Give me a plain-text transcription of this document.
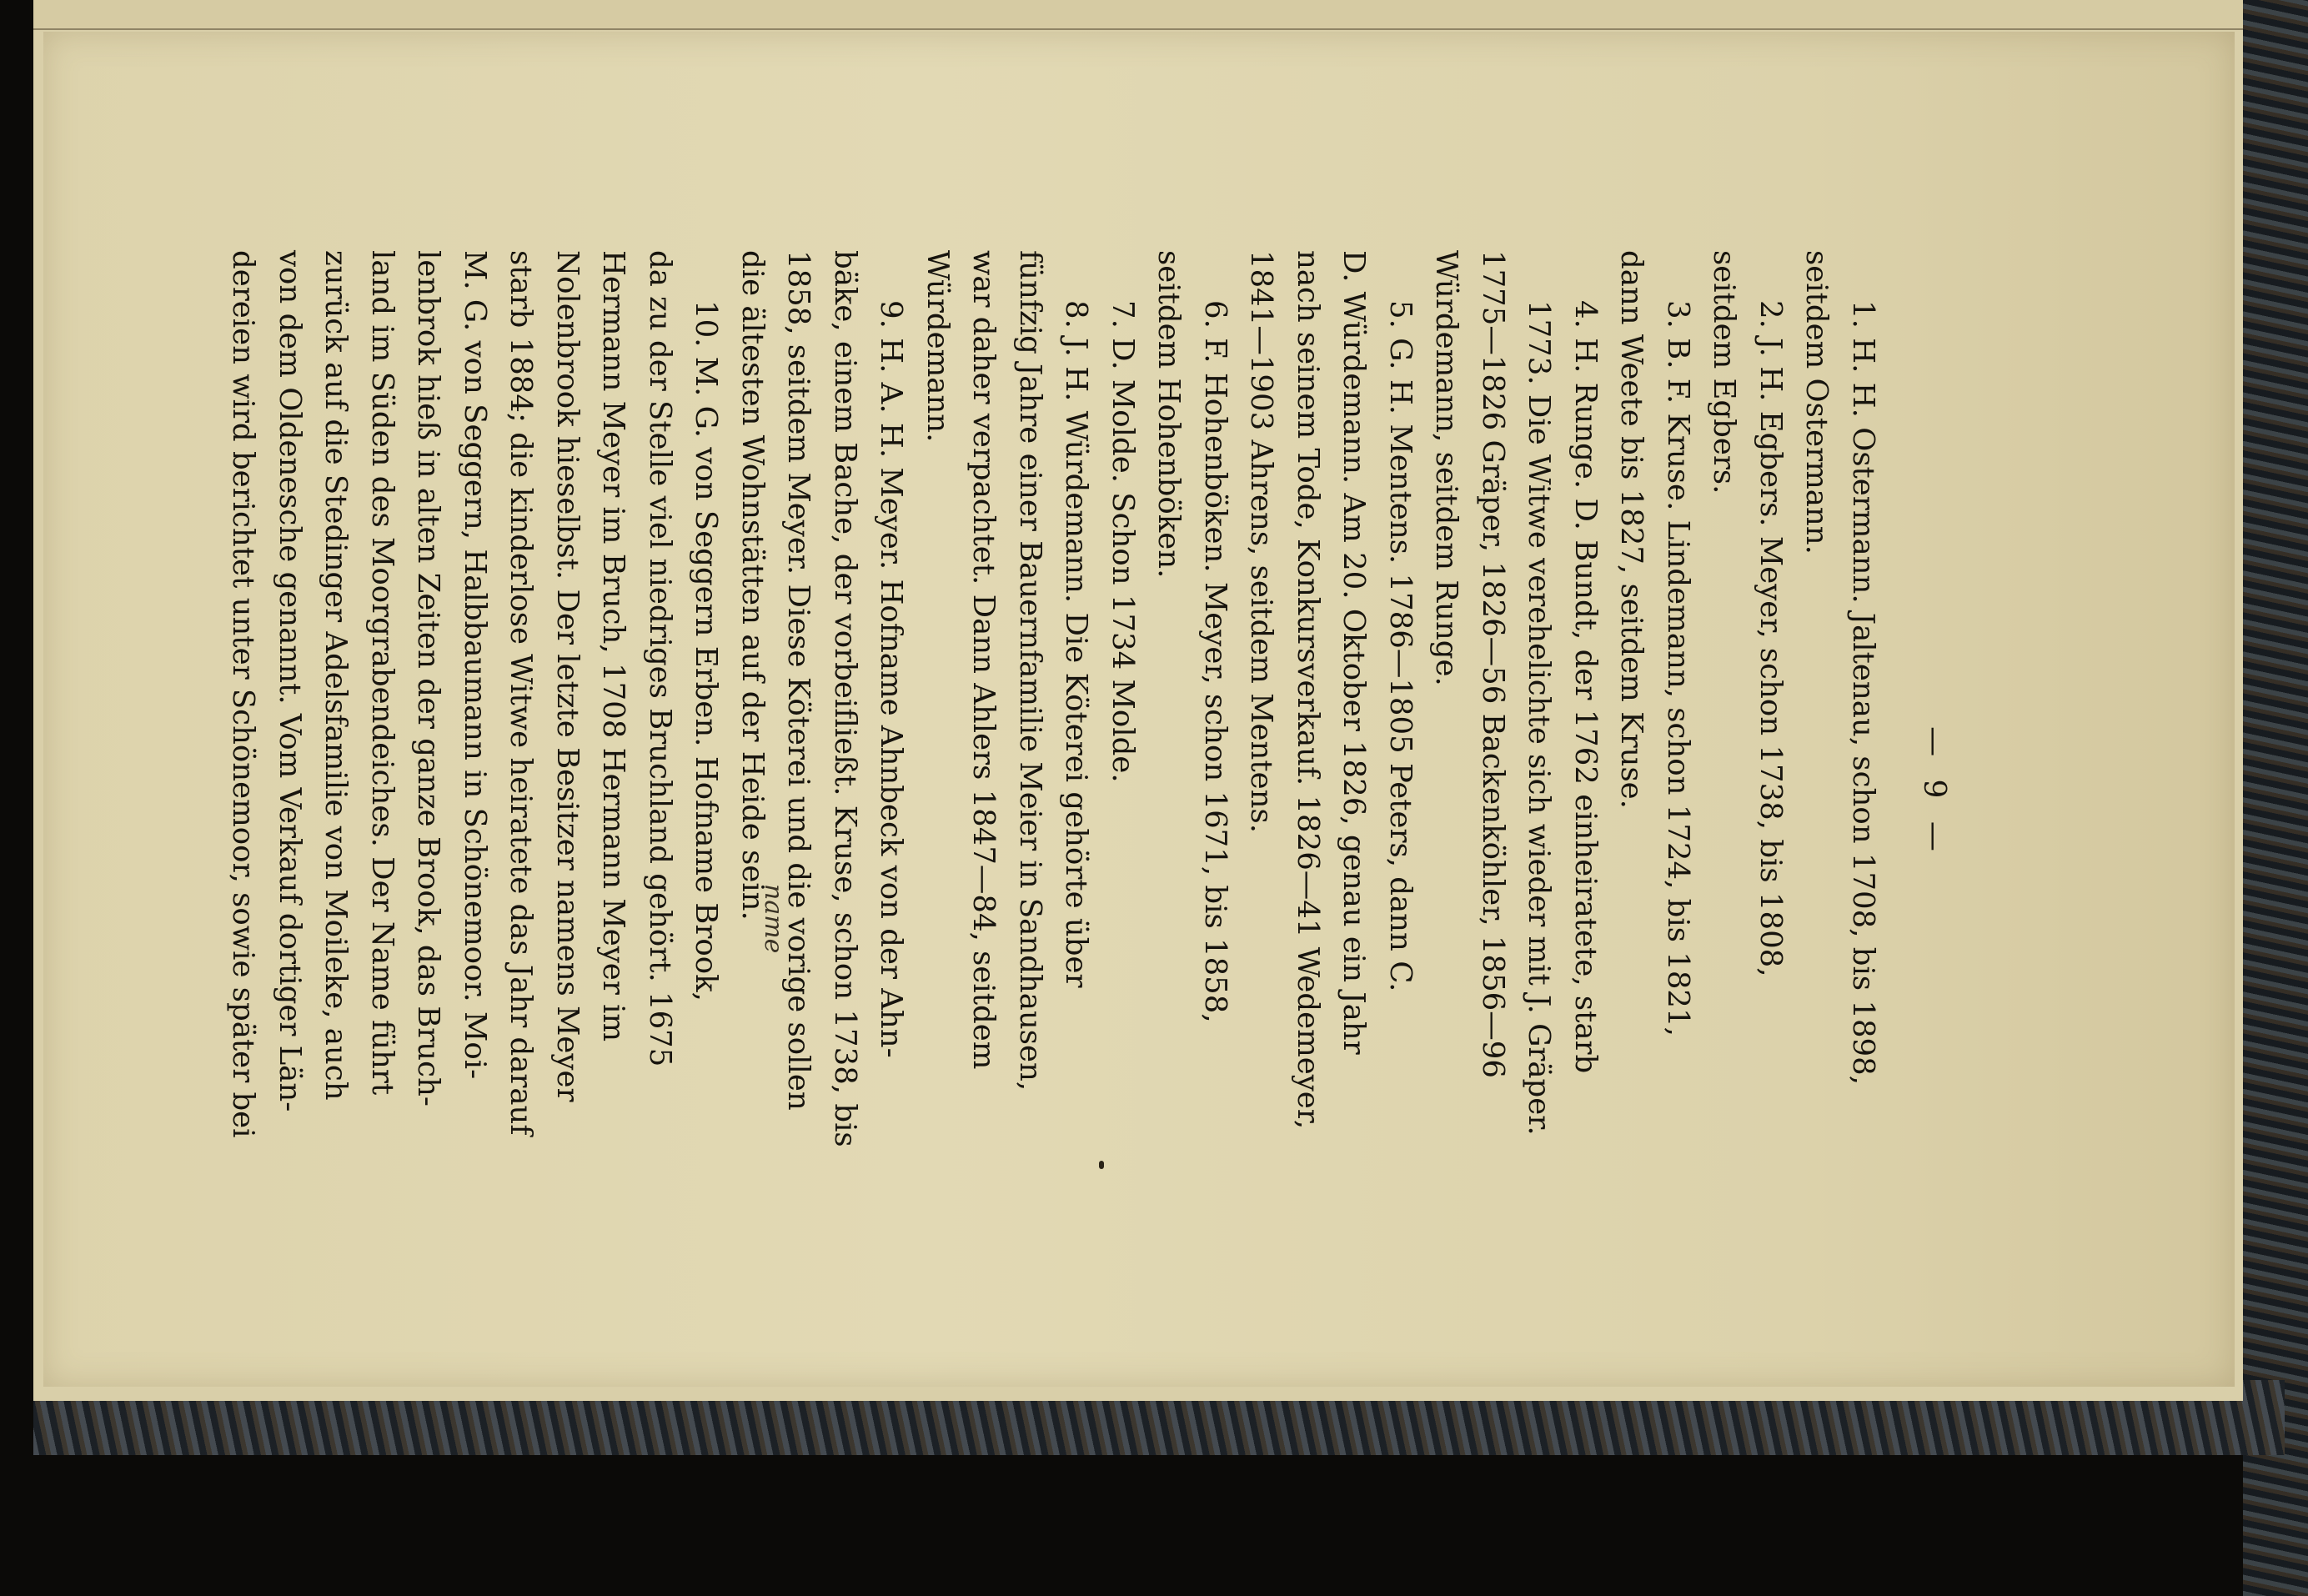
— 9 —
1. H. H. Ostermann. Jaltenau, schon 1708, bis 1898,
seitdem Ostermann.
2. J. H. Egbers. Meyer, schon 1738, bis 1808,
seitdem Egbers.
3. B. F. Kruse. Lindemann, schon 1724, bis 1821,
dann Weete bis 1827, seitdem Kruse.
4. H. Runge. D. Bundt, der 1762 einheiratete, starb
1773. Die Witwe verehelichte sich wieder mit J. Gräper.
1775—1826 Gräper, 1826—56 Backenköhler, 1856—96
Würdemann, seitdem Runge.
5. G. H. Mentens. 1786—1805 Peters, dann C.
D. Würdemann. Am 20. Oktober 1826, genau ein Jahr
nach seinem Tode, Konkursverkauf. 1826—41 Wedemeyer,
1841—1903 Ahrens, seitdem Mentens.
6. F. Hohenböken. Meyer, schon 1671, bis 1858,
seitdem Hohenböken.
7. D. Molde. Schon 1734 Molde.
8. J. H. Würdemann. Die Köterei gehörte über
fünfzig Jahre einer Bauernfamilie Meier in Sandhausen,
war daher verpachtet. Dann Ahlers 1847—84, seitdem
Würdemann.
9. H. A. H. Meyer. Hofname Ahnbeck von der Ahn-
bäke, einem Bache, der vorbeifließt. Kruse, schon 1738, bis
1858, seitdem Meyer. Diese Köterei und die vorige sollen
die ältesten Wohnstätten auf der Heide sein.
10. M. G. von Seggern Erben. Hofname Brook,
da zu der Stelle viel niedriges Bruchland gehört. 1675
Hermann Meyer im Bruch, 1708 Hermann Meyer im
Nolenbrook hieselbst. Der letzte Besitzer namens Meyer
starb 1884; die kinderlose Witwe heiratete das Jahr darauf
M. G. von Seggern, Halbbaumann in Schönemoor. Moi-
lenbrok hieß in alten Zeiten der ganze Brook, das Bruch-
land im Süden des Moorgrabendeiches. Der Name führt
zurück auf die Stedinger Adelsfamilie von Moileke, auch
von dem Oldenesche genannt. Vom Verkauf dortiger Län-
dereien wird berichtet unter Schönemoor, sowie später bei
